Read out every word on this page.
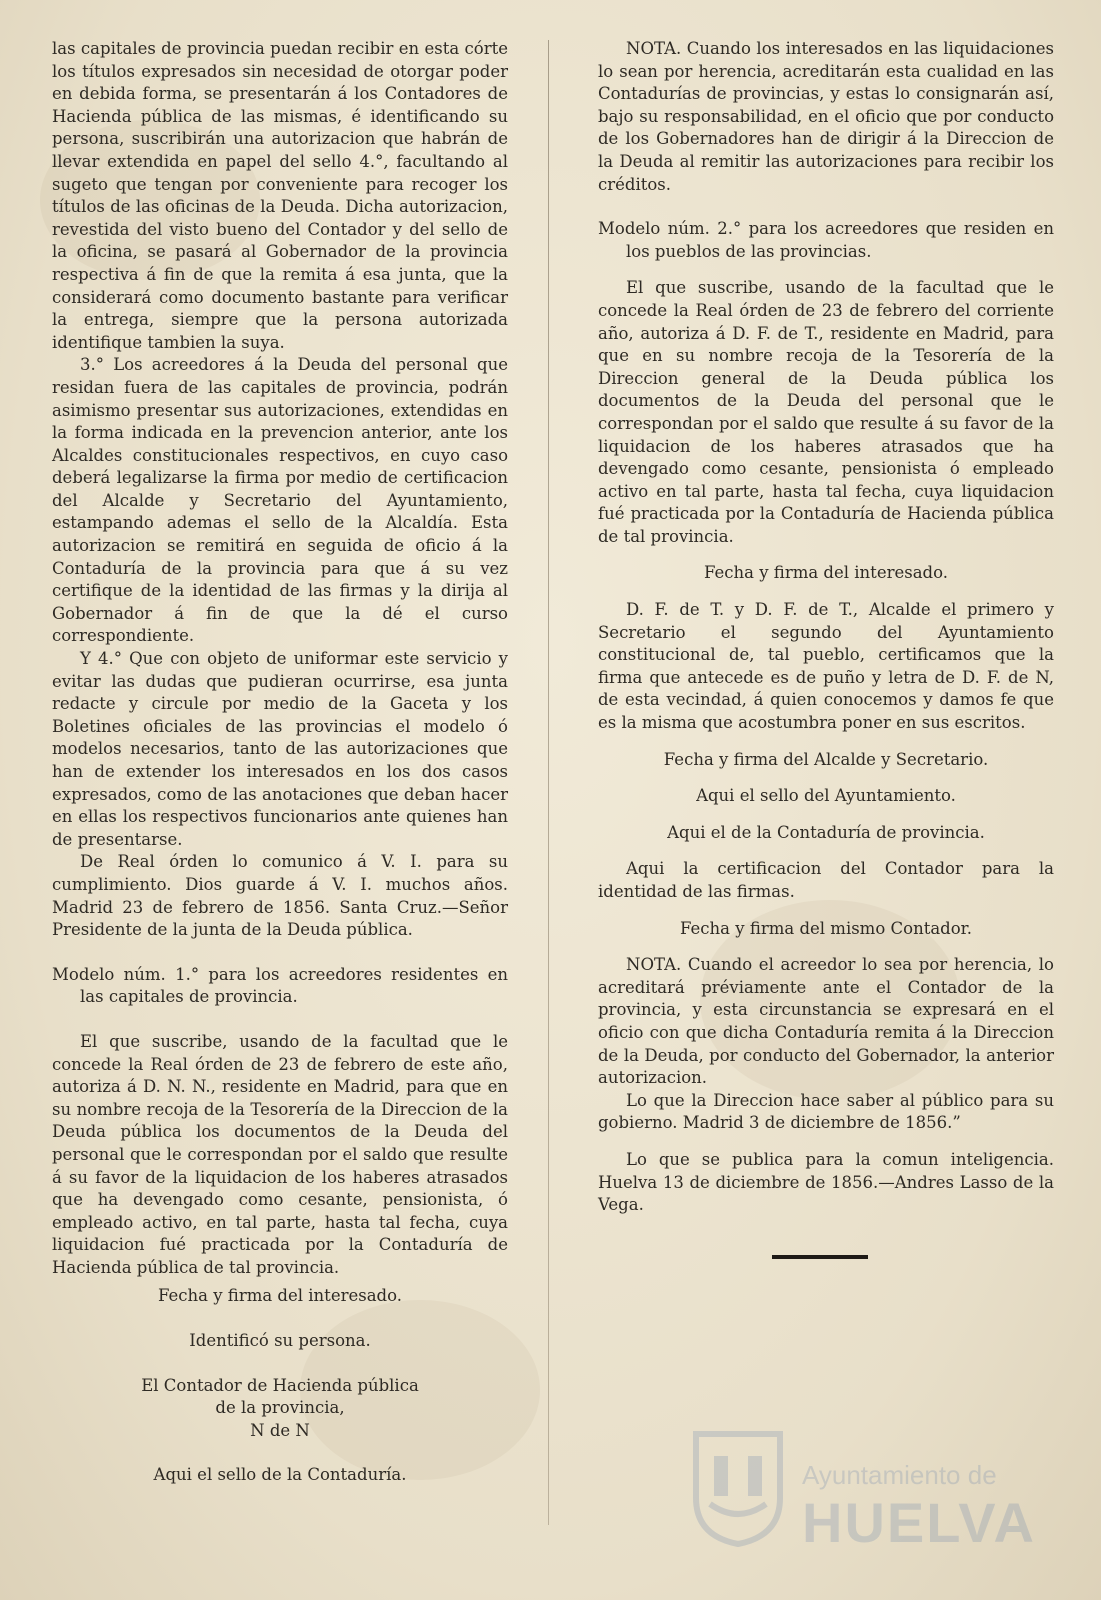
las capitales de provincia puedan recibir en esta córte los títulos expresados sin necesidad de otorgar poder en debida forma, se presentarán á los Contadores de Hacienda pública de las mismas, é identificando su persona, suscribirán una autorizacion que habrán de llevar extendida en papel del sello 4.°, facultando al sugeto que tengan por conveniente para recoger los títulos de las oficinas de la Deuda. Dicha autorizacion, revestida del visto bueno del Contador y del sello de la oficina, se pasará al Gobernador de la provincia respectiva á fin de que la remita á esa junta, que la considerará como documento bastante para verificar la entrega, siempre que la persona autorizada identifique tambien la suya.

3.° Los acreedores á la Deuda del personal que residan fuera de las capitales de provincia, podrán asimismo presentar sus autorizaciones, extendidas en la forma indicada en la prevencion anterior, ante los Alcaldes constitucionales respectivos, en cuyo caso deberá legalizarse la firma por medio de certificacion del Alcalde y Secretario del Ayuntamiento, estampando ademas el sello de la Alcaldía. Esta autorizacion se remitirá en seguida de oficio á la Contaduría de la provincia para que á su vez certifique de la identidad de las firmas y la dirija al Gobernador á fin de que la dé el curso correspondiente.

Y 4.° Que con objeto de uniformar este servicio y evitar las dudas que pudieran ocurrirse, esa junta redacte y circule por medio de la Gaceta y los Boletines oficiales de las provincias el modelo ó modelos necesarios, tanto de las autorizaciones que han de extender los interesados en los dos casos expresados, como de las anotaciones que deban hacer en ellas los respectivos funcionarios ante quienes han de presentarse.

De Real órden lo comunico á V. I. para su cumplimiento. Dios guarde á V. I. muchos años. Madrid 23 de febrero de 1856. Santa Cruz.—Señor Presidente de la junta de la Deuda pública.

Modelo núm. 1.° para los acreedores residentes en las capitales de provincia.

El que suscribe, usando de la facultad que le concede la Real órden de 23 de febrero de este año, autoriza á D. N. N., residente en Madrid, para que en su nombre recoja de la Tesorería de la Direccion de la Deuda pública los documentos de la Deuda del personal que le correspondan por el saldo que resulte á su favor de la liquidacion de los haberes atrasados que ha devengado como cesante, pensionista, ó empleado activo, en tal parte, hasta tal fecha, cuya liquidacion fué practicada por la Contaduría de Hacienda pública de tal provincia.

Fecha y firma del interesado.

Identificó su persona.

El Contador de Hacienda pública

de la provincia,

N de N

Aqui el sello de la Contaduría.

NOTA. Cuando los interesados en las liquidaciones lo sean por herencia, acreditarán esta cualidad en las Contadurías de provincias, y estas lo consignarán así, bajo su responsabilidad, en el oficio que por conducto de los Gobernadores han de dirigir á la Direccion de la Deuda al remitir las autorizaciones para recibir los créditos.

Modelo núm. 2.° para los acreedores que residen en los pueblos de las provincias.

El que suscribe, usando de la facultad que le concede la Real órden de 23 de febrero del corriente año, autoriza á D. F. de T., residente en Madrid, para que en su nombre recoja de la Tesorería de la Direccion general de la Deuda pública los documentos de la Deuda del personal que le correspondan por el saldo que resulte á su favor de la liquidacion de los haberes atrasados que ha devengado como cesante, pensionista ó empleado activo en tal parte, hasta tal fecha, cuya liquidacion fué practicada por la Contaduría de Hacienda pública de tal provincia.

Fecha y firma del interesado.

D. F. de T. y D. F. de T., Alcalde el primero y Secretario el segundo del Ayuntamiento constitucional de, tal pueblo, certificamos que la firma que antecede es de puño y letra de D. F. de N, de esta vecindad, á quien conocemos y damos fe que es la misma que acostumbra poner en sus escritos.

Fecha y firma del Alcalde y Secretario.

Aqui el sello del Ayuntamiento.

Aqui el de la Contaduría de provincia.

Aqui la certificacion del Contador para la identidad de las firmas.

Fecha y firma del mismo Contador.

NOTA. Cuando el acreedor lo sea por herencia, lo acreditará préviamente ante el Contador de la provincia, y esta circunstancia se expresará en el oficio con que dicha Contaduría remita á la Direccion de la Deuda, por conducto del Gobernador, la anterior autorizacion.

Lo que la Direccion hace saber al público para su gobierno. Madrid 3 de diciembre de 1856.”

Lo que se publica para la comun inteligencia. Huelva 13 de diciembre de 1856.—Andres Lasso de la Vega.

Ayuntamiento de
HUELVA
